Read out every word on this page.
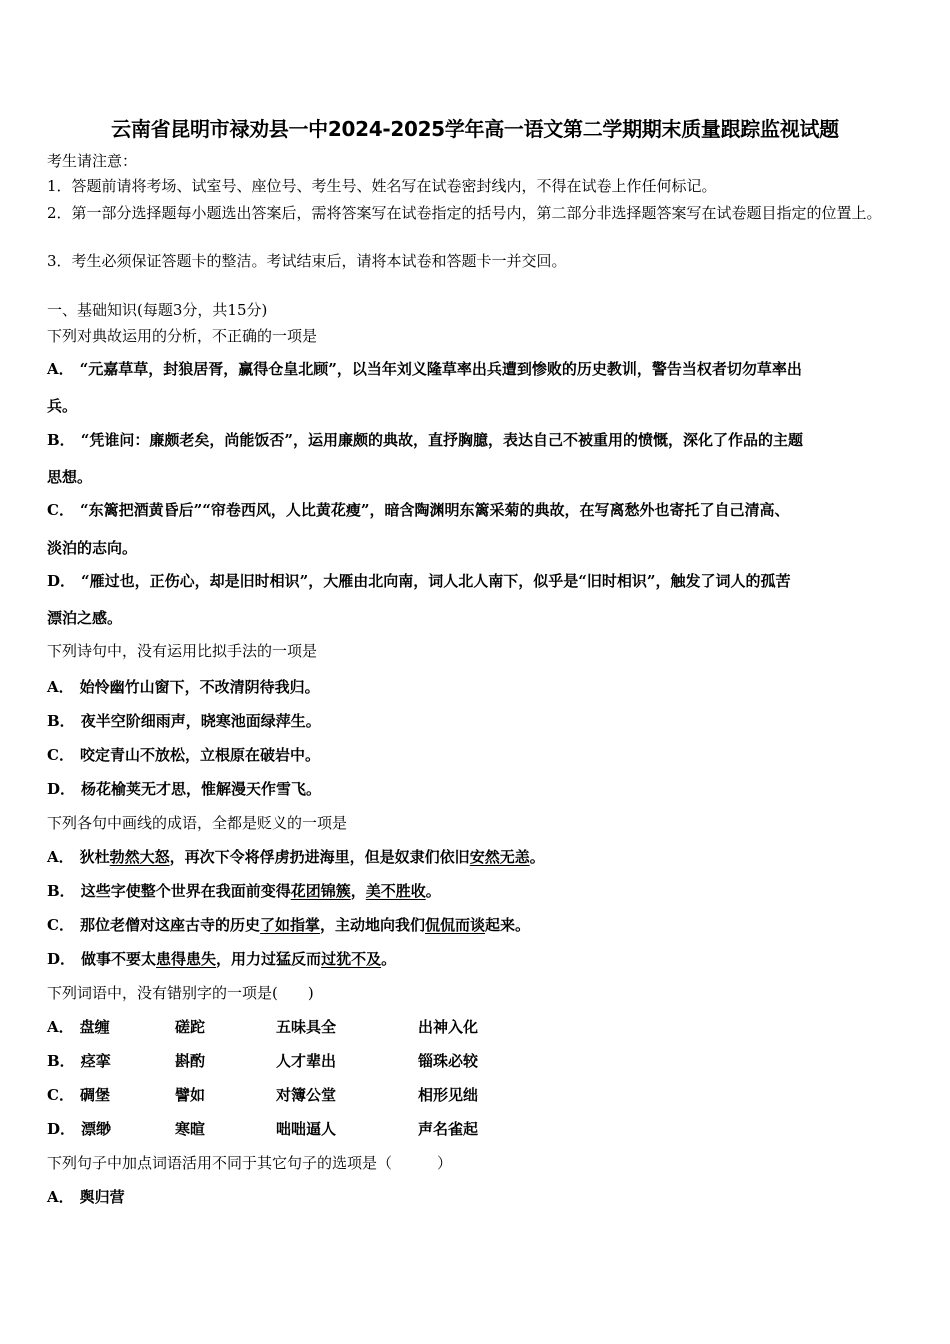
云南省昆明市禄劝县一中2024-2025学年高一语文第二学期期末质量跟踪监视试题
考生请注意：
1．答题前请将考场、试室号、座位号、考生号、姓名写在试卷密封线内，不得在试卷上作任何标记。
2．第一部分选择题每小题选出答案后，需将答案写在试卷指定的括号内，第二部分非选择题答案写在试卷题目指定的位置上。
3．考生必须保证答题卡的整洁。考试结束后，请将本试卷和答题卡一并交回。
一、基础知识(每题3分，共15分)
下列对典故运用的分析，不正确的一项是
A． “元嘉草草，封狼居胥，赢得仓皇北顾”，以当年刘义隆草率出兵遭到惨败的历史教训，警告当权者切勿草率出
兵。
B． “凭谁问：廉颇老矣，尚能饭否”，运用廉颇的典故，直抒胸臆，表达自己不被重用的愤慨，深化了作品的主题
思想。
C． “东篱把酒黄昏后”“帘卷西风，人比黄花瘦”，暗含陶渊明东篱采菊的典故，在写离愁外也寄托了自己清高、
淡泊的志向。
D． “雁过也，正伤心，却是旧时相识”，大雁由北向南，词人北人南下，似乎是“旧时相识”，触发了词人的孤苦
漂泊之感。
下列诗句中，没有运用比拟手法的一项是
A． 始怜幽竹山窗下，不改清阴待我归。
B． 夜半空阶细雨声，晓寒池面绿萍生。
C． 咬定青山不放松，立根原在破岩中。
D． 杨花榆荚无才思，惟解漫天作雪飞。
下列各句中画线的成语，全都是贬义的一项是
A． 狄杜勃然大怒，再次下令将俘虏扔进海里，但是奴隶们依旧安然无恙。
B． 这些字使整个世界在我面前变得花团锦簇，美不胜收。
C． 那位老僧对这座古寺的历史了如指掌，主动地向我们侃侃而谈起来。
D． 做事不要太患得患失，用力过猛反而过犹不及。
下列词语中，没有错别字的一项是(　　)
A． 盘缠	磋跎	五味具全	出神入化
B． 痉挛	斟酌	人才辈出	锱珠必较
C． 碉堡	譬如	对簿公堂	相形见绌
D． 漂缈	寒暄	咄咄逼人	声名雀起
下列句子中加点词语活用不同于其它句子的选项是（　　　）
A． 舆归营
